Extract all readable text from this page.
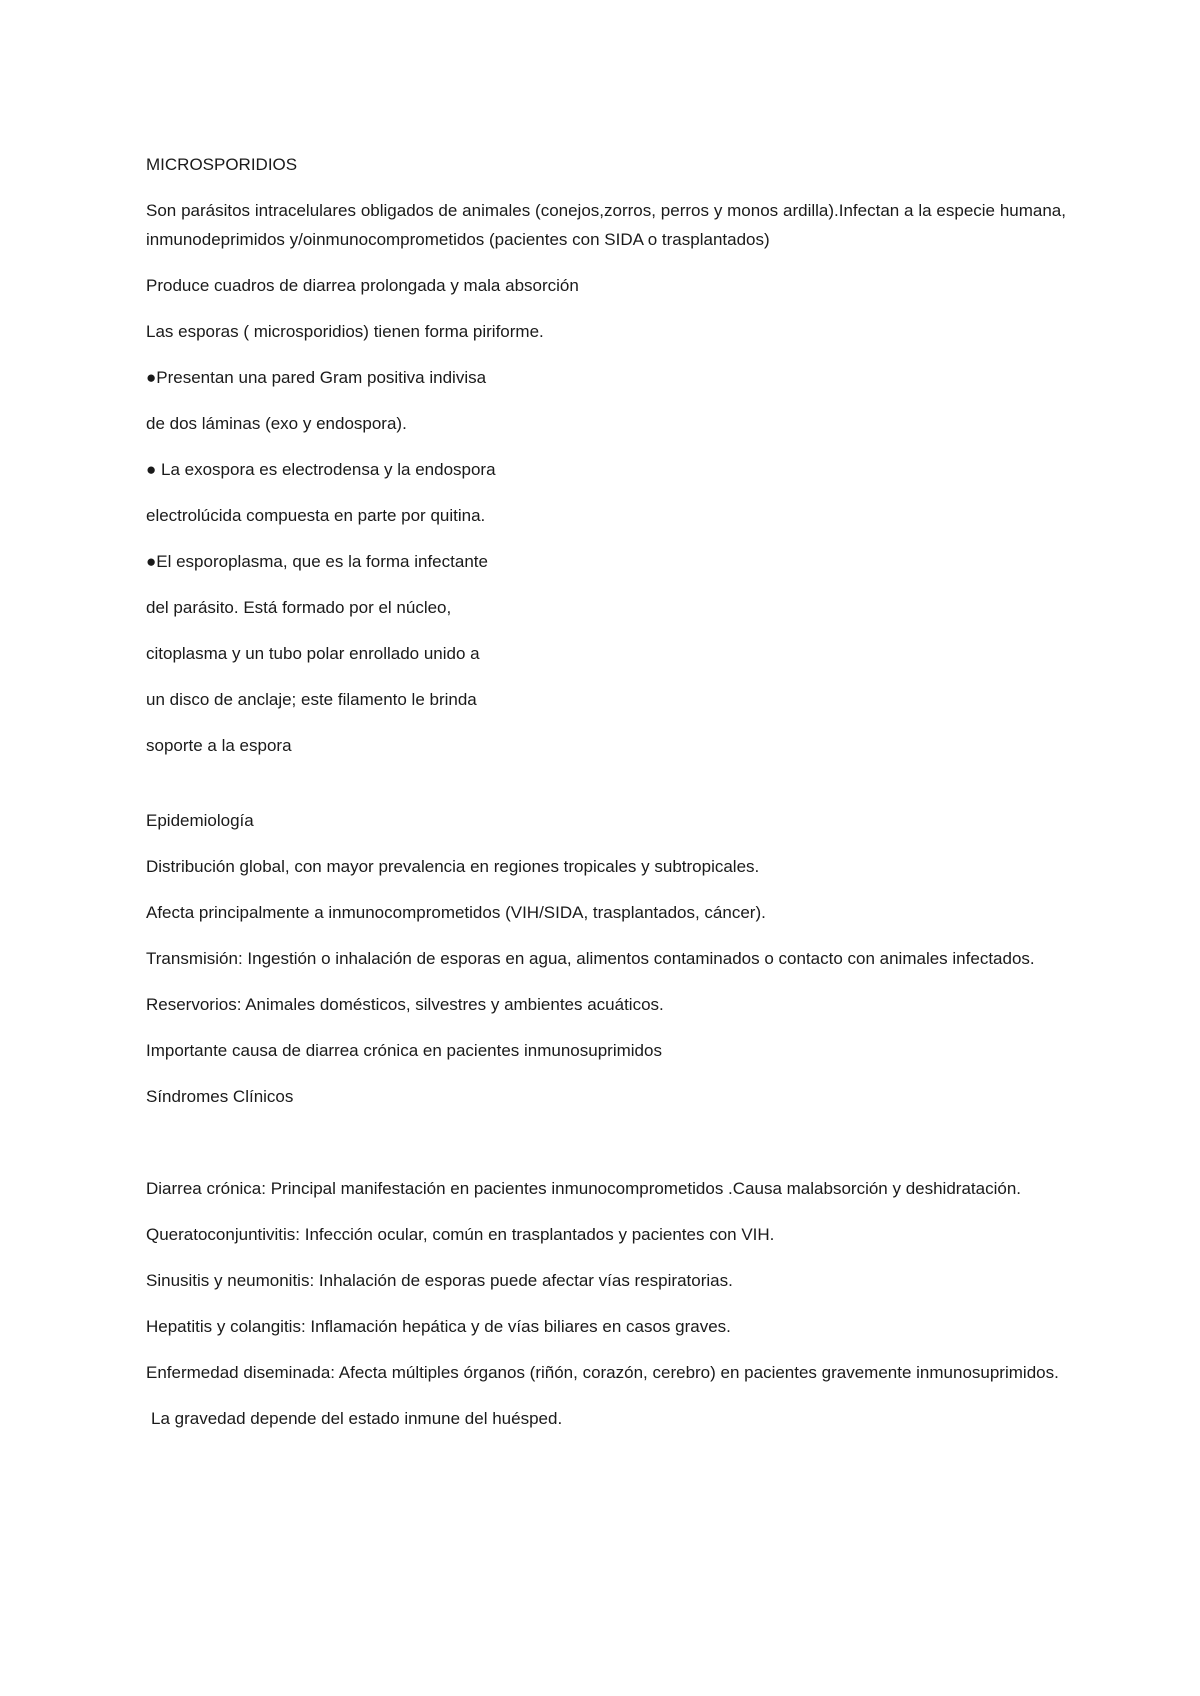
MICROSPORIDIOS

Son parásitos intracelulares obligados de animales (conejos,zorros, perros y monos ardilla).Infectan a la especie humana, inmunodeprimidos y/oinmunocomprometidos (pacientes con SIDA o trasplantados)

Produce cuadros de diarrea prolongada y mala absorción

Las esporas ( microsporidios) tienen forma piriforme.

●Presentan una pared Gram positiva indivisa

de dos láminas (exo y endospora).

● La exospora es electrodensa y la endospora

electrolúcida compuesta en parte por quitina.

●El esporoplasma, que es la forma infectante

del parásito. Está formado por el núcleo,

citoplasma y un tubo polar enrollado unido a

un disco de anclaje; este filamento le brinda

soporte a la espora

Epidemiología

Distribución global, con mayor prevalencia en regiones tropicales y subtropicales.

Afecta principalmente a inmunocomprometidos (VIH/SIDA, trasplantados, cáncer).

Transmisión: Ingestión o inhalación de esporas en agua, alimentos contaminados o contacto con animales infectados.

Reservorios: Animales domésticos, silvestres y ambientes acuáticos.

Importante causa de diarrea crónica en pacientes inmunosuprimidos

Síndromes Clínicos

Diarrea crónica: Principal manifestación en pacientes inmunocomprometidos .Causa malabsorción y deshidratación.

Queratoconjuntivitis: Infección ocular, común en trasplantados y pacientes con VIH.

Sinusitis y neumonitis: Inhalación de esporas puede afectar vías respiratorias.

Hepatitis y colangitis: Inflamación hepática y de vías biliares en casos graves.

Enfermedad diseminada: Afecta múltiples órganos (riñón, corazón, cerebro) en pacientes gravemente inmunosuprimidos.

La gravedad depende del estado inmune del huésped.
